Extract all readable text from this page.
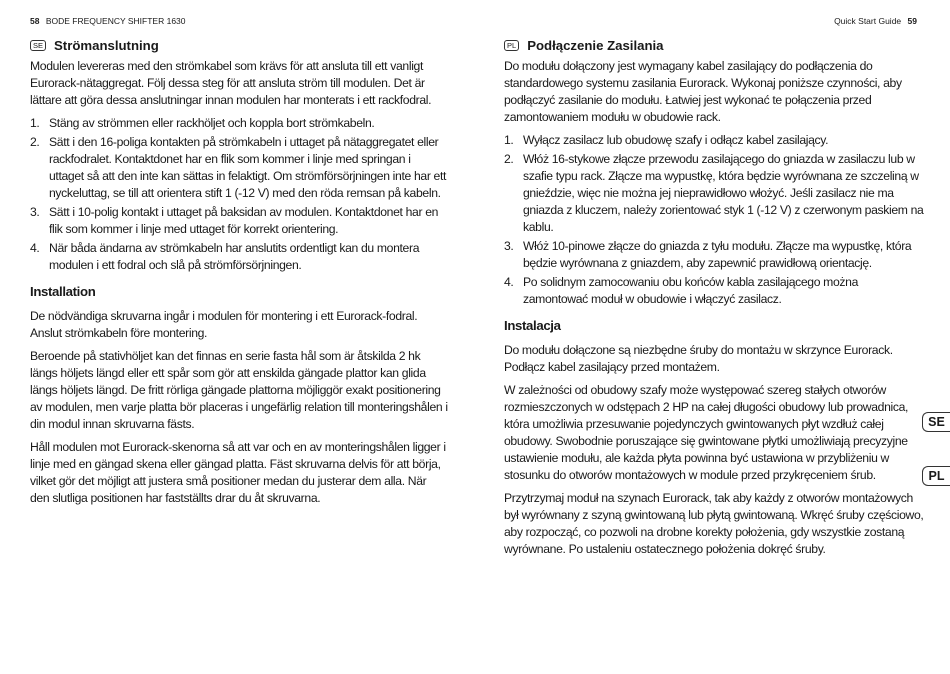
58 BODE FREQUENCY SHIFTER 1630
SE Strömanslutning

Modulen levereras med den strömkabel som krävs för att ansluta till ett vanligt Eurorack-nätaggregat. Följ dessa steg för att ansluta ström till modulen. Det är lättare att göra dessa anslutningar innan modulen har monterats i ett rackfodral.

1. Stäng av strömmen eller rackhöljet och koppla bort strömkabeln.
2. Sätt i den 16-poliga kontakten på strömkabeln i uttaget på nätaggregatet eller rackfodralet. Kontaktdonet har en flik som kommer i linje med springan i uttaget så att den inte kan sättas in felaktigt. Om strömförsörjningen inte har ett nyckeluttag, se till att orientera stift 1 (-12 V) med den röda remsan på kabeln.
3. Sätt i 10-polig kontakt i uttaget på baksidan av modulen. Kontaktdonet har en flik som kommer i linje med uttaget för korrekt orientering.
4. När båda ändarna av strömkabeln har anslutits ordentligt kan du montera modulen i ett fodral och slå på strömförsörjningen.
Installation

De nödvändiga skruvarna ingår i modulen för montering i ett Eurorack-fodral. Anslut strömkabeln före montering.

Beroende på stativhöljet kan det finnas en serie fasta hål som är åtskilda 2 hk längs höljets längd eller ett spår som gör att enskilda gängade plattor kan glida längs höljets längd. De fritt rörliga gängade plattorna möjliggör exakt positionering av modulen, men varje platta bör placeras i ungefärlig relation till monteringshålen i din modul innan skruvarna fästs.

Håll modulen mot Eurorack-skenorna så att var och en av monteringshålen ligger i linje med en gängad skena eller gängad platta. Fäst skruvarna delvis för att börja, vilket gör det möjligt att justera små positioner medan du justerar dem alla. När den slutliga positionen har fastställts drar du åt skruvarna.

Quick Start Guide 59
PL Podłączenie Zasilania

Do modułu dołączony jest wymagany kabel zasilający do podłączenia do standardowego systemu zasilania Eurorack. Wykonaj poniższe czynności, aby podłączyć zasilanie do modułu. Łatwiej jest wykonać te połączenia przed zamontowaniem modułu w obudowie rack.

1. Wyłącz zasilacz lub obudowę szafy i odłącz kabel zasilający.
2. Włóż 16-stykowe złącze przewodu zasilającego do gniazda w zasilaczu lub w szafie typu rack. Złącze ma wypustkę, która będzie wyrównana ze szczeliną w gnieździe, więc nie można jej nieprawidłowo włożyć. Jeśli zasilacz nie ma gniazda z kluczem, należy zorientować styk 1 (-12 V) z czerwonym paskiem na kablu.
3. Włóż 10-pinowe złącze do gniazda z tyłu modułu. Złącze ma wypustkę, która będzie wyrównana z gniazdem, aby zapewnić prawidłową orientację.
4. Po solidnym zamocowaniu obu końców kabla zasilającego można zamontować moduł w obudowie i włączyć zasilacz.
Instalacja

Do modułu dołączone są niezbędne śruby do montażu w skrzynce Eurorack. Podłącz kabel zasilający przed montażem.

W zależności od obudowy szafy może występować szereg stałych otworów rozmieszczonych w odstępach 2 HP na całej długości obudowy lub prowadnica, która umożliwia przesuwanie pojedynczych gwintowanych płyt wzdłuż całej obudowy. Swobodnie poruszające się gwintowane płytki umożliwiają precyzyjne ustawienie modułu, ale każda płyta powinna być ustawiona w przybliżeniu w stosunku do otworów montażowych w module przed przykręceniem śrub.

Przytrzymaj moduł na szynach Eurorack, tak aby każdy z otworów montażowych był wyrównany z szyną gwintowaną lub płytą gwintowaną. Wkręć śruby częściowo, aby rozpocząć, co pozwoli na drobne korekty położenia, gdy wszystkie zostaną wyrównane. Po ustaleniu ostatecznego położenia dokręć śruby.

SE
PL
